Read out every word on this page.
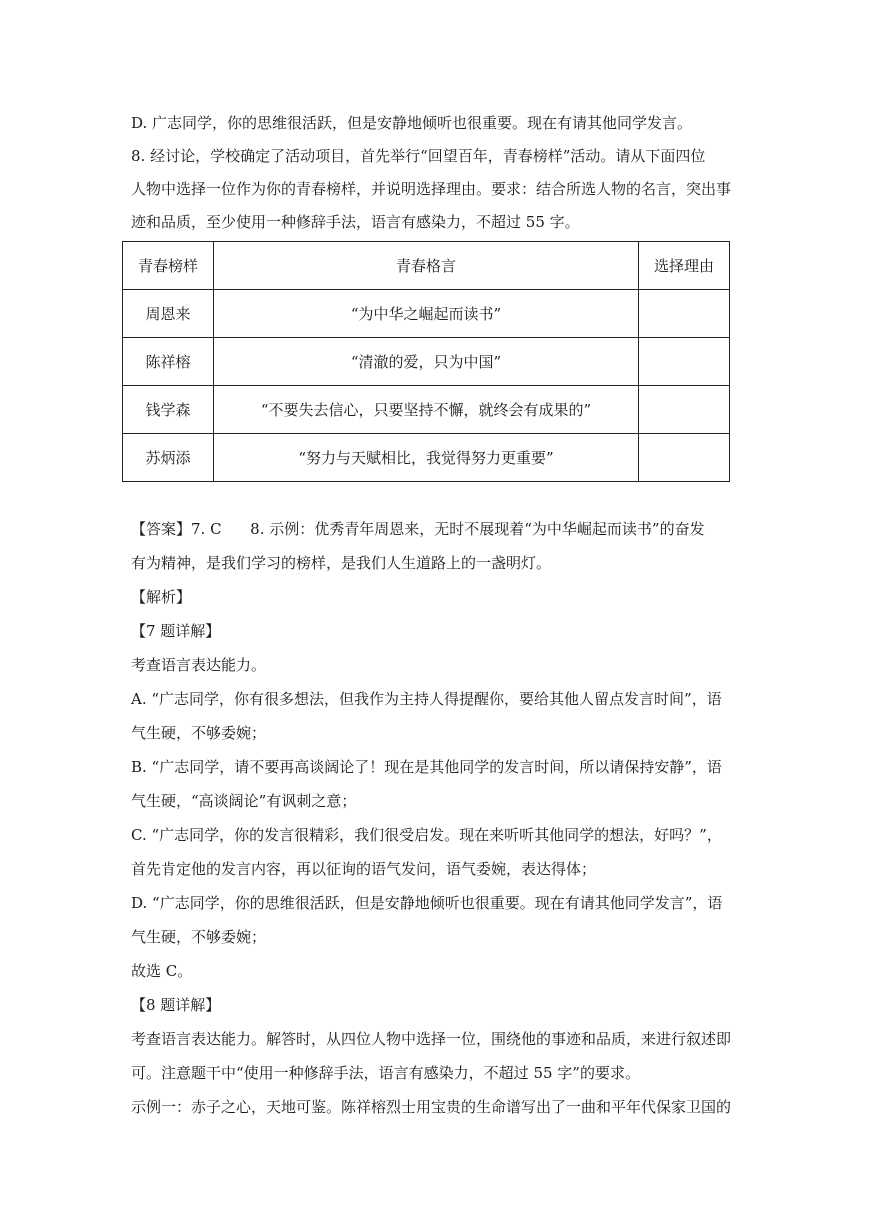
D. 广志同学，你的思维很活跃，但是安静地倾听也很重要。现在有请其他同学发言。
8. 经讨论，学校确定了活动项目，首先举行“回望百年，青春榜样”活动。请从下面四位
人物中选择一位作为你的青春榜样，并说明选择理由。要求：结合所选人物的名言，突出事
迹和品质，至少使用一种修辞手法，语言有感染力，不超过 55 字。
青春榜样	青春格言	选择理由
周恩来	“为中华之崛起而读书”	
陈祥榕	“清澈的爱，只为中国”	
钱学森	“不要失去信心，只要坚持不懈，就终会有成果的”	
苏炳添	“努力与天赋相比，我觉得努力更重要”	
【答案】7. C      8. 示例：优秀青年周恩来，无时不展现着“为中华崛起而读书”的奋发
有为精神，是我们学习的榜样，是我们人生道路上的一盏明灯。
【解析】
【7 题详解】
考查语言表达能力。
A. “广志同学，你有很多想法，但我作为主持人得提醒你，要给其他人留点发言时间”，语
气生硬，不够委婉；
B. “广志同学，请不要再高谈阔论了！现在是其他同学的发言时间，所以请保持安静”，语
气生硬，“高谈阔论”有讽刺之意；
C. “广志同学，你的发言很精彩，我们很受启发。现在来听听其他同学的想法，好吗？”，
首先肯定他的发言内容，再以征询的语气发问，语气委婉，表达得体；
D. “广志同学，你的思维很活跃，但是安静地倾听也很重要。现在有请其他同学发言”，语
气生硬，不够委婉；
故选 C。
【8 题详解】
考查语言表达能力。解答时，从四位人物中选择一位，围绕他的事迹和品质，来进行叙述即
可。注意题干中“使用一种修辞手法，语言有感染力，不超过 55 字”的要求。
示例一：赤子之心，天地可鉴。陈祥榕烈士用宝贵的生命谱写出了一曲和平年代保家卫国的
